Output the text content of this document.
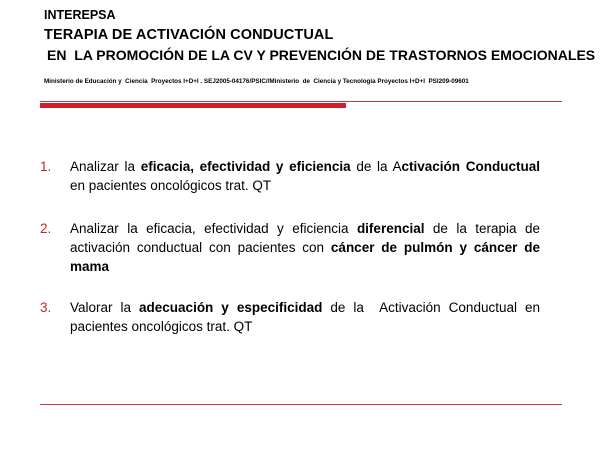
INTEREPSA

TERAPIA DE ACTIVACIÓN CONDUCTUAL

EN  LA PROMOCIÓN DE LA CV Y PREVENCIÓN DE TRASTORNOS EMOCIONALES

Ministerio de Educación y  Ciencia  Proyectos I+D+I . SEJ2005-04176/PSIC//Ministerio  de  Ciencia y Tecnología Proyectos I+D+I  PSI209-09601

1. Analizar la eficacia, efectividad y eficiencia de la Activación Conductual en pacientes oncológicos trat. QT

2. Analizar la eficacia, efectividad y eficiencia diferencial de la terapia de activación conductual con pacientes con cáncer de pulmón y cáncer de mama

3. Valorar la adecuación y especificidad de la  Activación Conductual en pacientes oncológicos trat. QT
